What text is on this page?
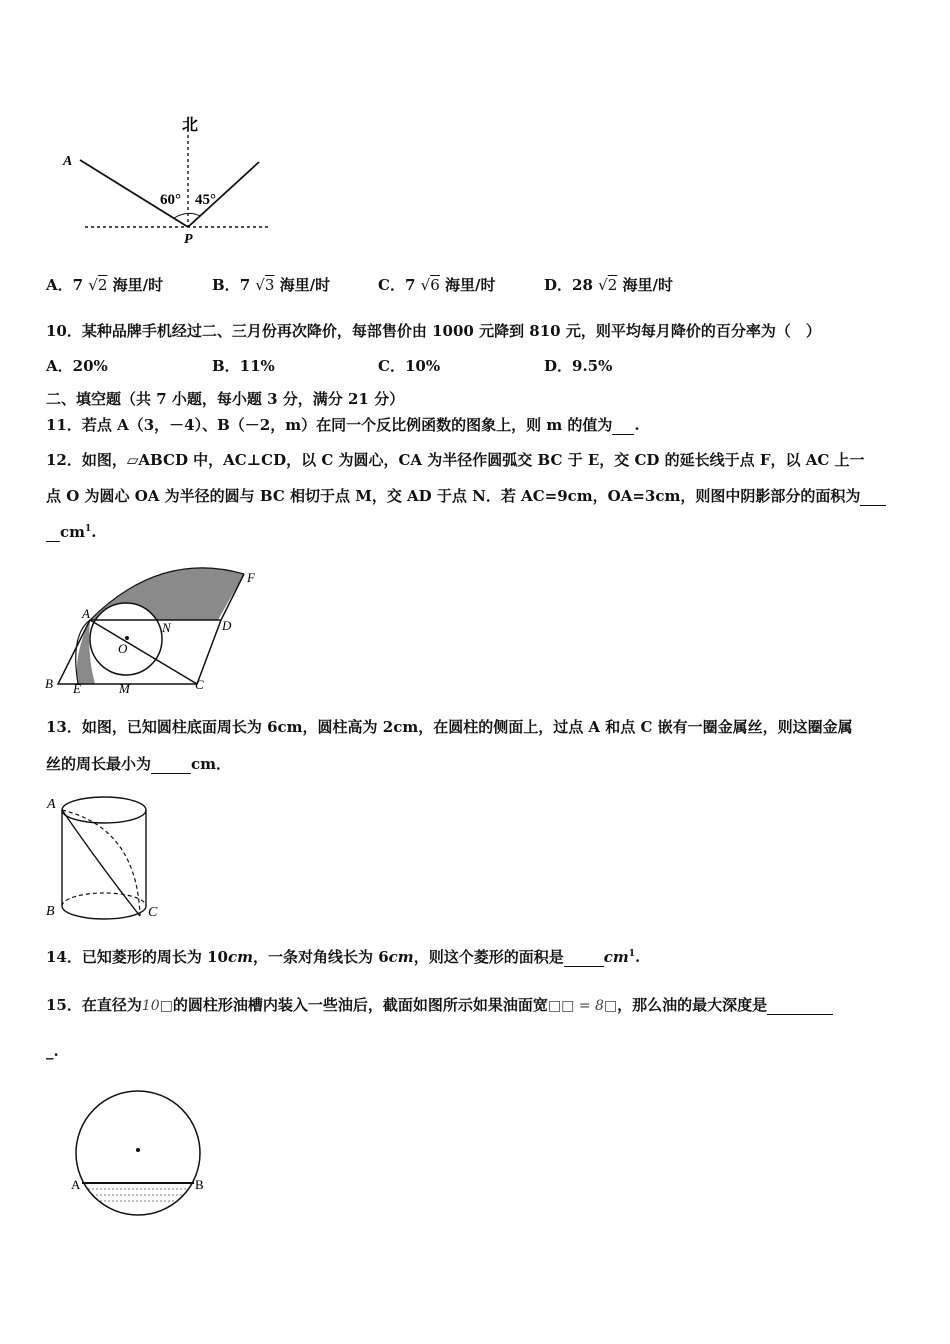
北
A
P
60° 45°
A．7 √2 海里/时	B．7 √3 海里/时	C．7 √6 海里/时	D．28 √2 海里/时
10．某种品牌手机经过二、三月份再次降价，每部售价由 1000 元降到 810 元，则平均每月降价的百分率为（　）
A．20%	B．11%	C．10%	D．9.5%
二、填空题（共 7 小题，每小题 3 分，满分 21 分）
11．若点 A（3，－4）、B（－2，m）在同一个反比例函数的图象上，则 m 的值为 .
12．如图，▱ABCD 中，AC⊥CD，以 C 为圆心，CA 为半径作圆弧交 BC 于 E，交 CD 的延长线于点 F，以 AC 上一
点 O 为圆心 OA 为半径的圆与 BC 相切于点 M，交 AD 于点 N．若 AC=9cm，OA=3cm，则图中阴影部分的面积为
$cm^1$.
A
B	C
D
E
F
M
N
O
13．如图，已知圆柱底面周长为 6cm，圆柱高为 2cm，在圆柱的侧面上，过点 A 和点 C 嵌有一圈金属丝，则这圈金属
丝的周长最小为	cm．
A
B	C
14．已知菱形的周长为 10cm，一条对角线长为 6cm，则这个菱形的面积是	$cm^1$.
15．在直径为10□的圆柱形油槽内装入一些油后，截面如图所示如果油面宽□□ = 8□，那么油的最大深度是
_.
A	B
